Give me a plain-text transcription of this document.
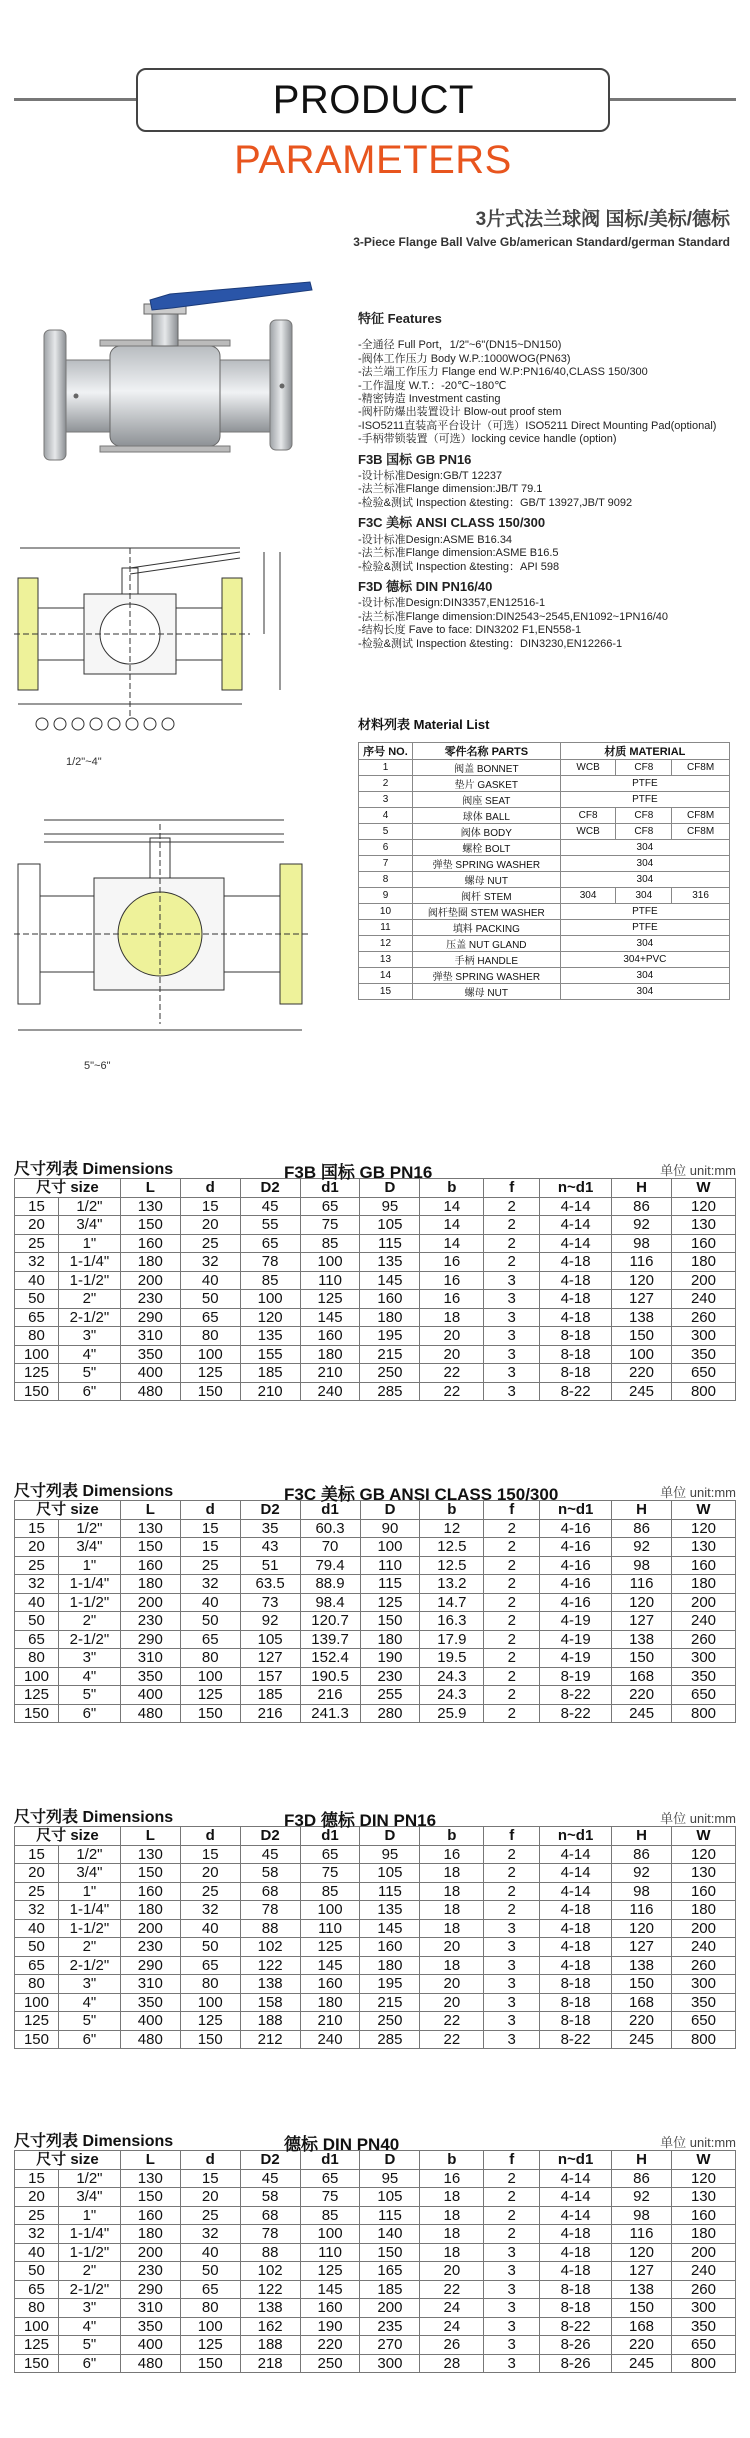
PRODUCT PARAMETERS
3片式法兰球阀 国标/美标/德标
3-Piece Flange Ball Valve Gb/american Standard/german Standard
1/2"~4"
5"~6"
特征 Features
-全通径 Full Port，1/2"~6"(DN15~DN150)
-阀体工作压力 Body W.P.:1000WOG(PN63)
-法兰端工作压力 Flange end W.P:PN16/40,CLASS 150/300
-工作温度 W.T.：-20℃~180℃
-精密铸造 Investment casting
-阀杆防爆出装置设计 Blow-out proof stem
-ISO5211直装高平台设计（可选）ISO5211 Direct Mounting Pad(optional)
-手柄带锁装置（可选）locking cevice handle (option)
F3B 国标 GB PN16
-设计标准Design:GB/T 12237
-法兰标准Flange dimension:JB/T 79.1
-检验&测试 Inspection &testing：GB/T 13927,JB/T 9092
F3C 美标 ANSI CLASS 150/300
-设计标准Design:ASME B16.34
-法兰标准Flange dimension:ASME B16.5
-检验&测试 Inspection &testing：API 598
F3D 德标 DIN PN16/40
-设计标准Design:DIN3357,EN12516-1
-法兰标准Flange dimension:DIN2543~2545,EN1092~1PN16/40
-结构长度 Fave to face: DIN3202 F1,EN558-1
-检验&测试 Inspection &testing：DIN3230,EN12266-1
材料列表 Material List
序号 NO.	零件名称 PARTS	材质 MATERIAL		
1	阀盖 BONNET	WCB	CF8	CF8M
2	垫片 GASKET	PTFE		
3	阀座 SEAT	PTFE		
4	球体 BALL	CF8	CF8	CF8M
5	阀体 BODY	WCB	CF8	CF8M
6	螺栓 BOLT	304		
7	弹垫 SPRING WASHER	304		
8	螺母 NUT	304		
9	阀杆 STEM	304	304	316
10	阀杆垫圈 STEM WASHER	PTFE		
11	填料 PACKING	PTFE		
12	压盖 NUT GLAND	304		
13	手柄 HANDLE	304+PVC		
14	弹垫 SPRING WASHER	304		
15	螺母 NUT	304		
尺寸列表 Dimensions	F3B 国标 GB PN16	单位 unit:mm
尺寸 size		L	d	D2	d1	D	b	f	n~d1	H	W
15	1/2"	130	15	45	65	95	14	2	4-14	86	120
20	3/4"	150	20	55	75	105	14	2	4-14	92	130
25	1"	160	25	65	85	115	14	2	4-14	98	160
32	1-1/4"	180	32	78	100	135	16	2	4-18	116	180
40	1-1/2"	200	40	85	110	145	16	3	4-18	120	200
50	2"	230	50	100	125	160	16	3	4-18	127	240
65	2-1/2"	290	65	120	145	180	18	3	4-18	138	260
80	3"	310	80	135	160	195	20	3	8-18	150	300
100	4"	350	100	155	180	215	20	3	8-18	100	350
125	5"	400	125	185	210	250	22	3	8-18	220	650
150	6"	480	150	210	240	285	22	3	8-22	245	800
尺寸列表 Dimensions	F3C 美标 GB ANSI CLASS 150/300	单位 unit:mm
尺寸 size		L	d	D2	d1	D	b	f	n~d1	H	W
15	1/2"	130	15	35	60.3	90	12	2	4-16	86	120
20	3/4"	150	15	43	70	100	12.5	2	4-16	92	130
25	1"	160	25	51	79.4	110	12.5	2	4-16	98	160
32	1-1/4"	180	32	63.5	88.9	115	13.2	2	4-16	116	180
40	1-1/2"	200	40	73	98.4	125	14.7	2	4-16	120	200
50	2"	230	50	92	120.7	150	16.3	2	4-19	127	240
65	2-1/2"	290	65	105	139.7	180	17.9	2	4-19	138	260
80	3"	310	80	127	152.4	190	19.5	2	4-19	150	300
100	4"	350	100	157	190.5	230	24.3	2	8-19	168	350
125	5"	400	125	185	216	255	24.3	2	8-22	220	650
150	6"	480	150	216	241.3	280	25.9	2	8-22	245	800
尺寸列表 Dimensions	F3D 德标 DIN PN16	单位 unit:mm
尺寸 size		L	d	D2	d1	D	b	f	n~d1	H	W
15	1/2"	130	15	45	65	95	16	2	4-14	86	120
20	3/4"	150	20	58	75	105	18	2	4-14	92	130
25	1"	160	25	68	85	115	18	2	4-14	98	160
32	1-1/4"	180	32	78	100	135	18	2	4-18	116	180
40	1-1/2"	200	40	88	110	145	18	3	4-18	120	200
50	2"	230	50	102	125	160	20	3	4-18	127	240
65	2-1/2"	290	65	122	145	180	18	3	4-18	138	260
80	3"	310	80	138	160	195	20	3	8-18	150	300
100	4"	350	100	158	180	215	20	3	8-18	168	350
125	5"	400	125	188	210	250	22	3	8-18	220	650
150	6"	480	150	212	240	285	22	3	8-22	245	800
尺寸列表 Dimensions	德标 DIN PN40	单位 unit:mm
尺寸 size		L	d	D2	d1	D	b	f	n~d1	H	W
15	1/2"	130	15	45	65	95	16	2	4-14	86	120
20	3/4"	150	20	58	75	105	18	2	4-14	92	130
25	1"	160	25	68	85	115	18	2	4-14	98	160
32	1-1/4"	180	32	78	100	140	18	2	4-18	116	180
40	1-1/2"	200	40	88	110	150	18	3	4-18	120	200
50	2"	230	50	102	125	165	20	3	4-18	127	240
65	2-1/2"	290	65	122	145	185	22	3	8-18	138	260
80	3"	310	80	138	160	200	24	3	8-18	150	300
100	4"	350	100	162	190	235	24	3	8-22	168	350
125	5"	400	125	188	220	270	26	3	8-26	220	650
150	6"	480	150	218	250	300	28	3	8-26	245	800
